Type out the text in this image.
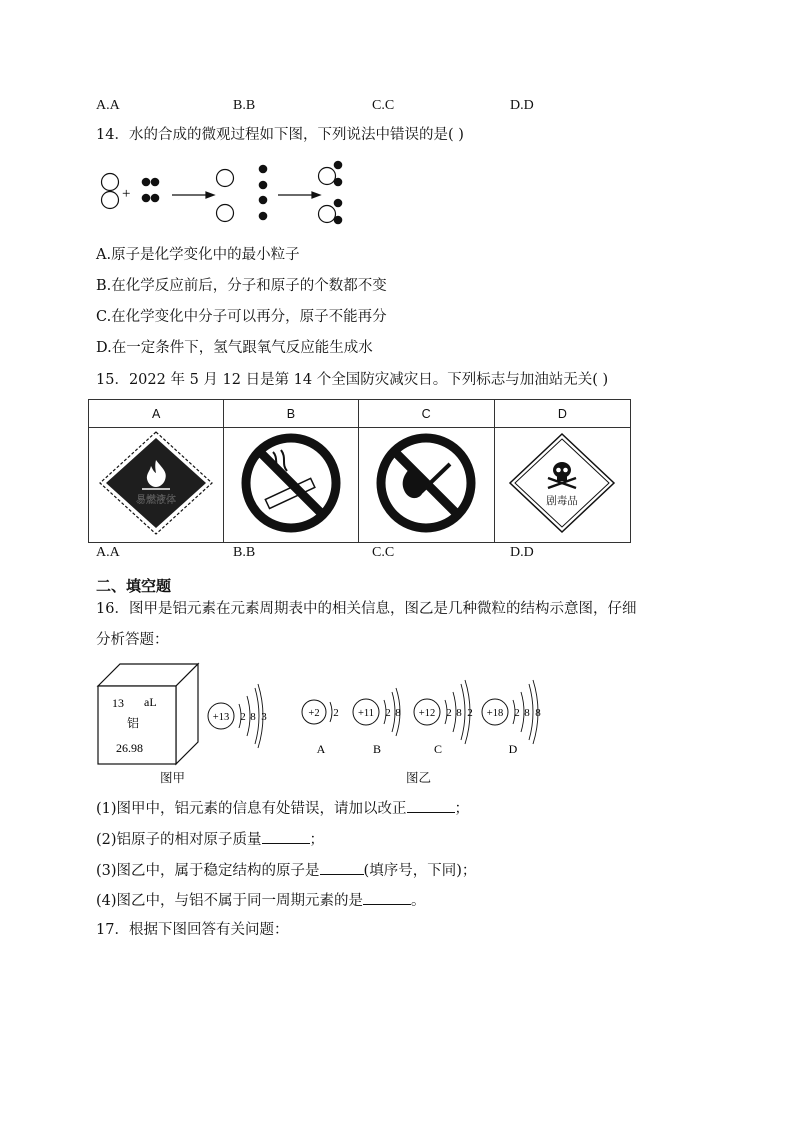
A.A	B.B	C.C	D.D
14．水的合成的微观过程如下图，下列说法中错误的是( )
+
A.原子是化学变化中的最小粒子
B.在化学反应前后，分子和原子的个数都不变
C.在化学变化中分子可以再分，原子不能再分
D.在一定条件下，氢气跟氧气反应能生成水
15．2022 年 5 月 12 日是第 14 个全国防灾减灾日。下列标志与加油站无关( )
A	B	C	D

易燃液体			剧毒品
A.A	B.B	C.C	D.D
二、填空题
16．图甲是铝元素在元素周期表中的相关信息，图乙是几种微粒的结构示意图，仔细
分析答题：
13 aL
铝
26.98
+13 2 8 3	+2 2
A
+11 2 8
B
+12 2 8 2
C
+18 2 8 8
D
图甲	图乙
(1)图甲中，铝元素的信息有处错误，请加以改正	；
(2)铝原子的相对原子质量	；
(3)图乙中，属于稳定结构的原子是	(填序号，下同)；
(4)图乙中，与铝不属于同一周期元素的是	。
17．根据下图回答有关问题：
